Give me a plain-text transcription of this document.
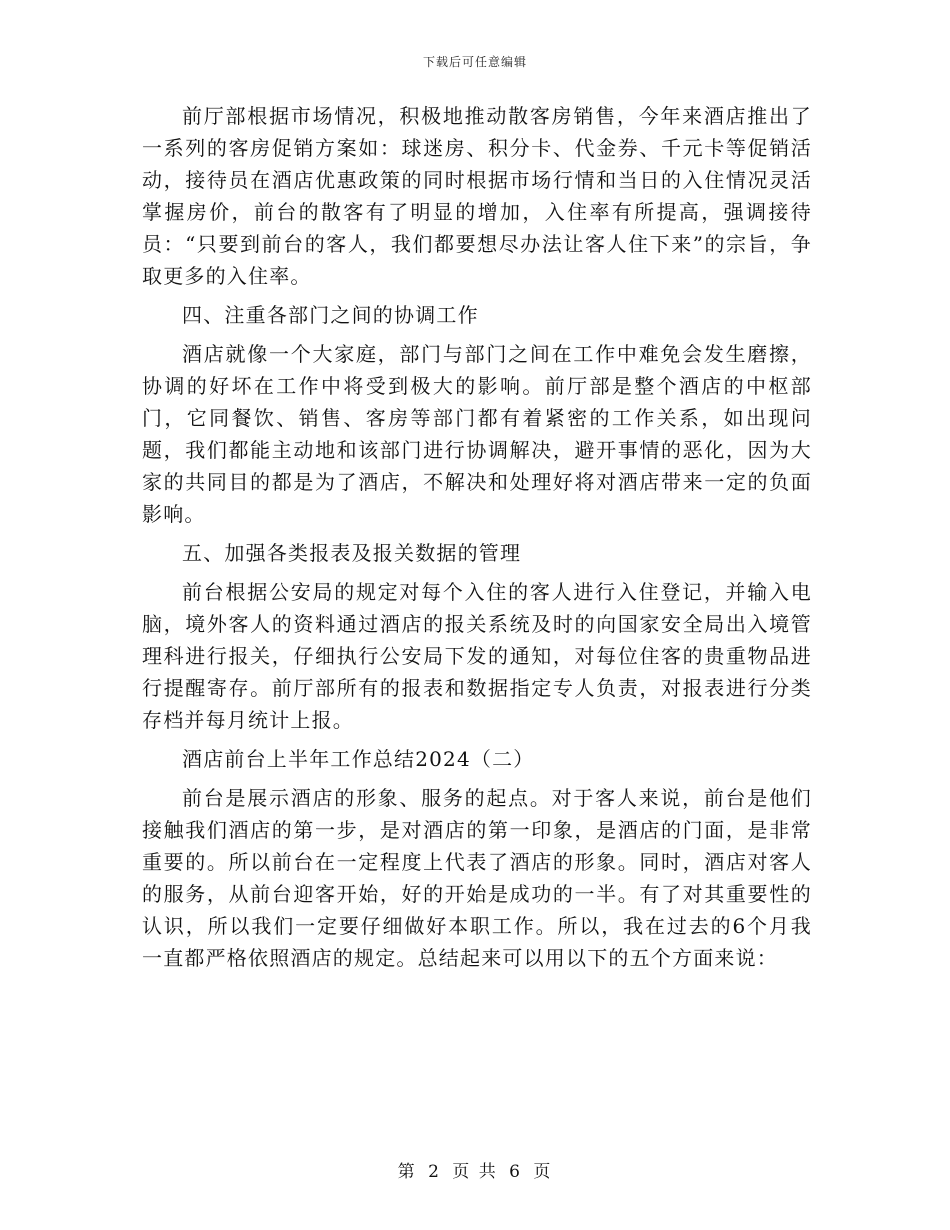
下载后可任意编辑

前厅部根据市场情况，积极地推动散客房销售，今年来酒店推出了一系列的客房促销方案如：球迷房、积分卡、代金券、千元卡等促销活动，接待员在酒店优惠政策的同时根据市场行情和当日的入住情况灵活掌握房价，前台的散客有了明显的增加，入住率有所提高，强调接待员：“只要到前台的客人，我们都要想尽办法让客人住下来”的宗旨，争取更多的入住率。

四、注重各部门之间的协调工作

酒店就像一个大家庭，部门与部门之间在工作中难免会发生磨擦，协调的好坏在工作中将受到极大的影响。前厅部是整个酒店的中枢部门，它同餐饮、销售、客房等部门都有着紧密的工作关系，如出现问题，我们都能主动地和该部门进行协调解决，避开事情的恶化，因为大家的共同目的都是为了酒店，不解决和处理好将对酒店带来一定的负面影响。

五、加强各类报表及报关数据的管理

前台根据公安局的规定对每个入住的客人进行入住登记，并输入电脑，境外客人的资料通过酒店的报关系统及时的向国家安全局出入境管理科进行报关，仔细执行公安局下发的通知，对每位住客的贵重物品进行提醒寄存。前厅部所有的报表和数据指定专人负责，对报表进行分类存档并每月统计上报。

酒店前台上半年工作总结2024（二）

前台是展示酒店的形象、服务的起点。对于客人来说，前台是他们接触我们酒店的第一步，是对酒店的第一印象，是酒店的门面，是非常重要的。所以前台在一定程度上代表了酒店的形象。同时，酒店对客人的服务，从前台迎客开始，好的开始是成功的一半。有了对其重要性的认识，所以我们一定要仔细做好本职工作。所以，我在过去的6个月我一直都严格依照酒店的规定。总结起来可以用以下的五个方面来说：

第 2 页 共 6 页
